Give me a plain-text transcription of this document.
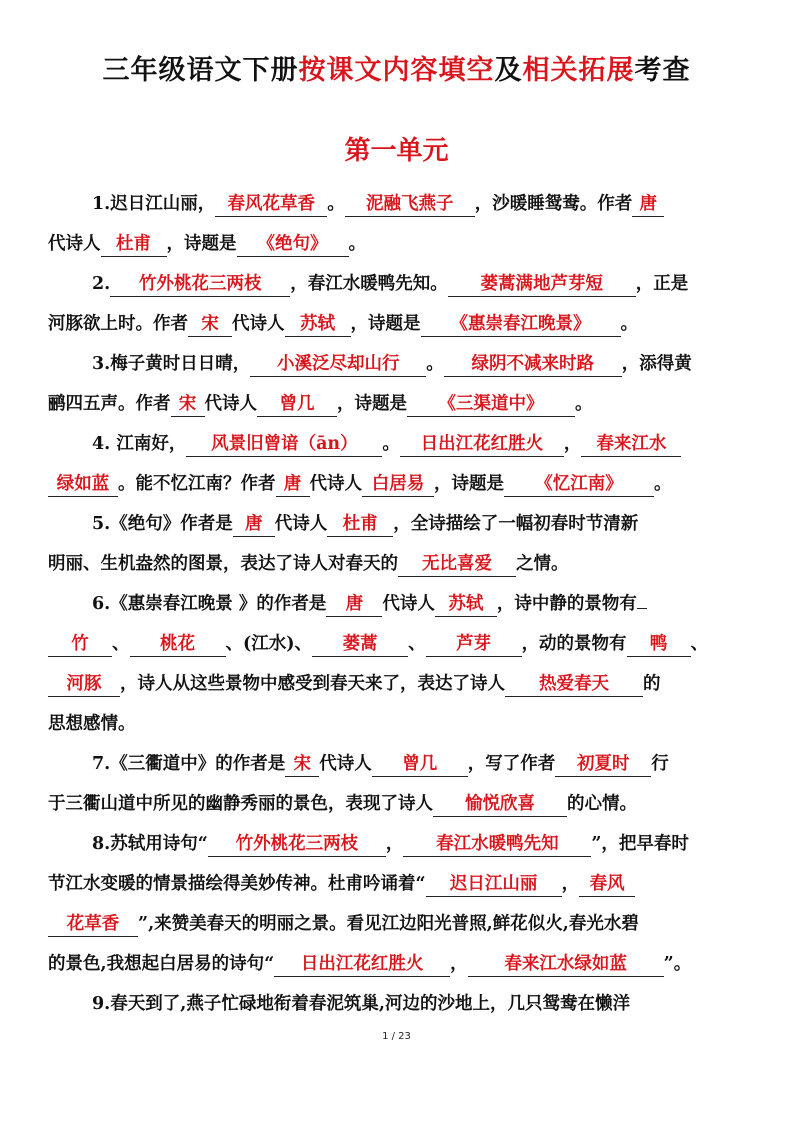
三年级语文下册按课文内容填空及相关拓展考查
第一单元
1.迟日江山丽， 春风花草香 。 泥融飞燕子 ，沙暖睡鸳鸯。作者 唐
代诗人 杜甫 ，诗题是 《绝句》 。
2. 竹外桃花三两枝 ，春江水暖鸭先知。 蒌蒿满地芦芽短 ，正是
河豚欲上时。作者 宋 代诗人 苏轼 ，诗题是 《惠崇春江晚景》 。
3.梅子黄时日日晴， 小溪泛尽却山行 。 绿阴不减来时路 ，添得黄
鹂四五声。作者 宋 代诗人 曾几 ，诗题是 《三渠道中》 。
4. 江南好， 风景旧曾谙（ān） 。 日出江花红胜火 ， 春来江水
绿如蓝 。能不忆江南？作者 唐 代诗人 白居易 ，诗题是 《忆江南》 。
5.《绝句》作者是 唐 代诗人 杜甫 ，全诗描绘了一幅初春时节清新
明丽、生机盎然的图景，表达了诗人对春天的 无比喜爱 之情。
6.《惠崇春江晚景 》的作者是 唐 代诗人 苏轼 ，诗中静的景物有
竹 、 桃花 、(江水)、 蒌蒿 、 芦芽 ，动的景物有 鸭 、
河豚 ，诗人从这些景物中感受到春天来了，表达了诗人 热爱春天 的
思想感情。
7.《三衢道中》的作者是 宋 代诗人 曾几 ，写了作者 初夏时 行
于三衢山道中所见的幽静秀丽的景色，表现了诗人 愉悦欣喜 的心情。
8.苏轼用诗句“ 竹外桃花三两枝 ， 春江水暖鸭先知 ”，把早春时
节江水变暖的情景描绘得美妙传神。杜甫吟诵着“ 迟日江山丽 ， 春风
花草香 ”,来赞美春天的明丽之景。看见江边阳光普照,鲜花似火,春光水碧
的景色,我想起白居易的诗句“ 日出江花红胜火 ， 春来江水绿如蓝 ”。
9.春天到了,燕子忙碌地衔着春泥筑巢,河边的沙地上，几只鸳鸯在懒洋
1 / 23
